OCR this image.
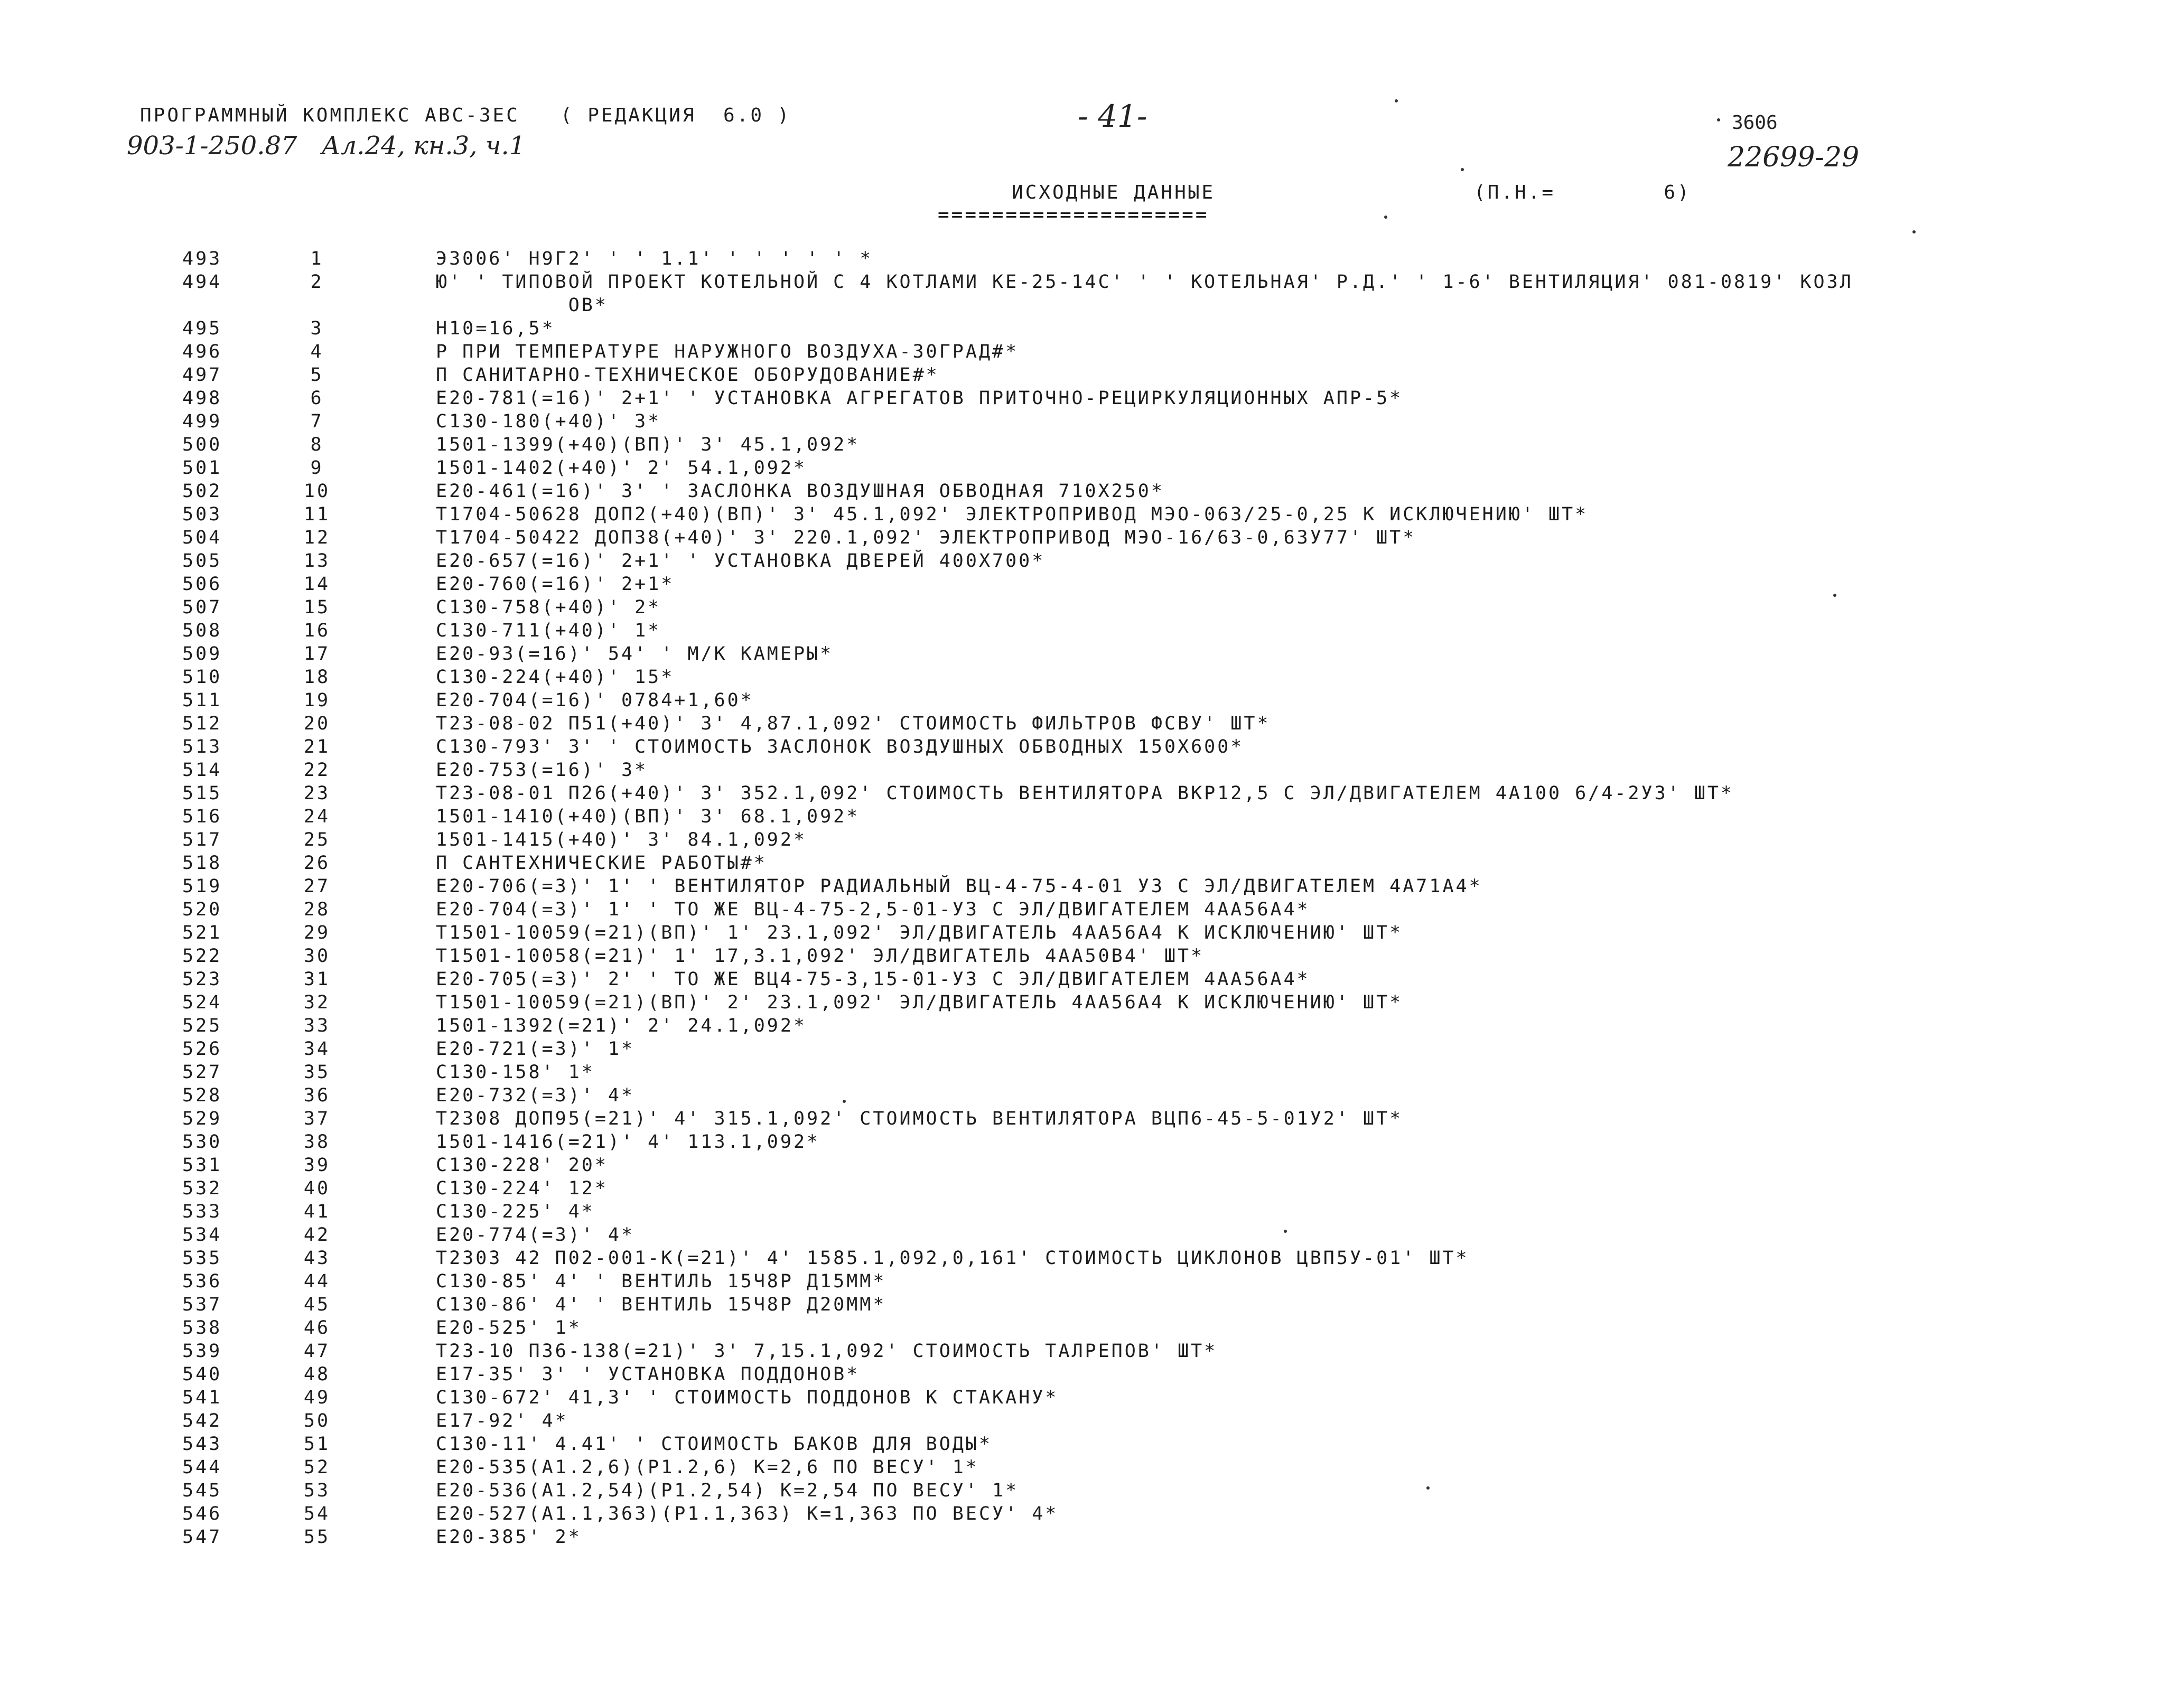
ПРОГРАММНЫЙ КОМПЛЕКС АВС-3ЕС   ( РЕДАКЦИЯ  6.0 )	- 41-
903-1-250.87   Ал.24, кн.3, ч.1
3606
22699-29
ИСХОДНЫЕ ДАННЫЕ	(П.Н.=        6)
====================
493	1	Э3006' Н9Г2' ' ' 1.1' ' ' ' ' ' *
494	2	Ю' ' ТИПОВОЙ ПРОЕКТ КОТЕЛЬНОЙ С 4 КОТЛАМИ КЕ-25-14С' ' ' КОТЕЛЬНАЯ' Р.Д.' ' 1-6' ВЕНТИЛЯЦИЯ' 081-0819' КОЗЛ
ОВ*
495	3	Н10=16,5*
496	4	Р ПРИ ТЕМПЕРАТУРЕ НАРУЖНОГО ВОЗДУХА-30ГРАД#*
497	5	П САНИТАРНО-ТЕХНИЧЕСКОЕ ОБОРУДОВАНИЕ#*
498	6	Е20-781(=16)' 2+1' ' УСТАНОВКА АГРЕГАТОВ ПРИТОЧНО-РЕЦИРКУЛЯЦИОННЫХ АПР-5*
499	7	С130-180(+40)' 3*
500	8	1501-1399(+40)(ВП)' 3' 45.1,092*
501	9	1501-1402(+40)' 2' 54.1,092*
502	10	Е20-461(=16)' 3' ' ЗАСЛОНКА ВОЗДУШНАЯ ОБВОДНАЯ 710Х250*
503	11	Т1704-50628 ДОП2(+40)(ВП)' 3' 45.1,092' ЭЛЕКТРОПРИВОД МЭО-063/25-0,25 К ИСКЛЮЧЕНИЮ' ШТ*
504	12	Т1704-50422 ДОП38(+40)' 3' 220.1,092' ЭЛЕКТРОПРИВОД МЭО-16/63-0,63У77' ШТ*
505	13	Е20-657(=16)' 2+1' ' УСТАНОВКА ДВЕРЕЙ 400Х700*
506	14	Е20-760(=16)' 2+1*
507	15	С130-758(+40)' 2*
508	16	С130-711(+40)' 1*
509	17	Е20-93(=16)' 54' ' М/К КАМЕРЫ*
510	18	С130-224(+40)' 15*
511	19	Е20-704(=16)' 0784+1,60*
512	20	Т23-08-02 П51(+40)' 3' 4,87.1,092' СТОИМОСТЬ ФИЛЬТРОВ ФСВУ' ШТ*
513	21	С130-793' 3' ' СТОИМОСТЬ ЗАСЛОНОК ВОЗДУШНЫХ ОБВОДНЫХ 150Х600*
514	22	Е20-753(=16)' 3*
515	23	Т23-08-01 П26(+40)' 3' 352.1,092' СТОИМОСТЬ ВЕНТИЛЯТОРА ВКР12,5 С ЭЛ/ДВИГАТЕЛЕМ 4А100 6/4-2У3' ШТ*
516	24	1501-1410(+40)(ВП)' 3' 68.1,092*
517	25	1501-1415(+40)' 3' 84.1,092*
518	26	П САНТЕХНИЧЕСКИЕ РАБОТЫ#*
519	27	Е20-706(=3)' 1' ' ВЕНТИЛЯТОР РАДИАЛЬНЫЙ ВЦ-4-75-4-01 У3 С ЭЛ/ДВИГАТЕЛЕМ 4А71А4*
520	28	Е20-704(=3)' 1' ' ТО ЖЕ ВЦ-4-75-2,5-01-У3 С ЭЛ/ДВИГАТЕЛЕМ 4АА56А4*
521	29	Т1501-10059(=21)(ВП)' 1' 23.1,092' ЭЛ/ДВИГАТЕЛЬ 4АА56А4 К ИСКЛЮЧЕНИЮ' ШТ*
522	30	Т1501-10058(=21)' 1' 17,3.1,092' ЭЛ/ДВИГАТЕЛЬ 4АА50В4' ШТ*
523	31	Е20-705(=3)' 2' ' ТО ЖЕ ВЦ4-75-3,15-01-У3 С ЭЛ/ДВИГАТЕЛЕМ 4АА56А4*
524	32	Т1501-10059(=21)(ВП)' 2' 23.1,092' ЭЛ/ДВИГАТЕЛЬ 4АА56А4 К ИСКЛЮЧЕНИЮ' ШТ*
525	33	1501-1392(=21)' 2' 24.1,092*
526	34	Е20-721(=3)' 1*
527	35	С130-158' 1*
528	36	Е20-732(=3)' 4*
529	37	Т2308 ДОП95(=21)' 4' 315.1,092' СТОИМОСТЬ ВЕНТИЛЯТОРА ВЦП6-45-5-01У2' ШТ*
530	38	1501-1416(=21)' 4' 113.1,092*
531	39	С130-228' 20*
532	40	С130-224' 12*
533	41	С130-225' 4*
534	42	Е20-774(=3)' 4*
535	43	Т2303 42 П02-001-К(=21)' 4' 1585.1,092,0,161' СТОИМОСТЬ ЦИКЛОНОВ ЦВП5У-01' ШТ*
536	44	С130-85' 4' ' ВЕНТИЛЬ 15Ч8Р Д15ММ*
537	45	С130-86' 4' ' ВЕНТИЛЬ 15Ч8Р Д20ММ*
538	46	Е20-525' 1*
539	47	Т23-10 П36-138(=21)' 3' 7,15.1,092' СТОИМОСТЬ ТАЛРЕПОВ' ШТ*
540	48	Е17-35' 3' ' УСТАНОВКА ПОДДОНОВ*
541	49	С130-672' 41,3' ' СТОИМОСТЬ ПОДДОНОВ К СТАКАНУ*
542	50	Е17-92' 4*
543	51	С130-11' 4.41' ' СТОИМОСТЬ БАКОВ ДЛЯ ВОДЫ*
544	52	Е20-535(А1.2,6)(Р1.2,6) К=2,6 ПО ВЕСУ' 1*
545	53	Е20-536(А1.2,54)(Р1.2,54) К=2,54 ПО ВЕСУ' 1*
546	54	Е20-527(А1.1,363)(Р1.1,363) К=1,363 ПО ВЕСУ' 4*
547	55	Е20-385' 2*
